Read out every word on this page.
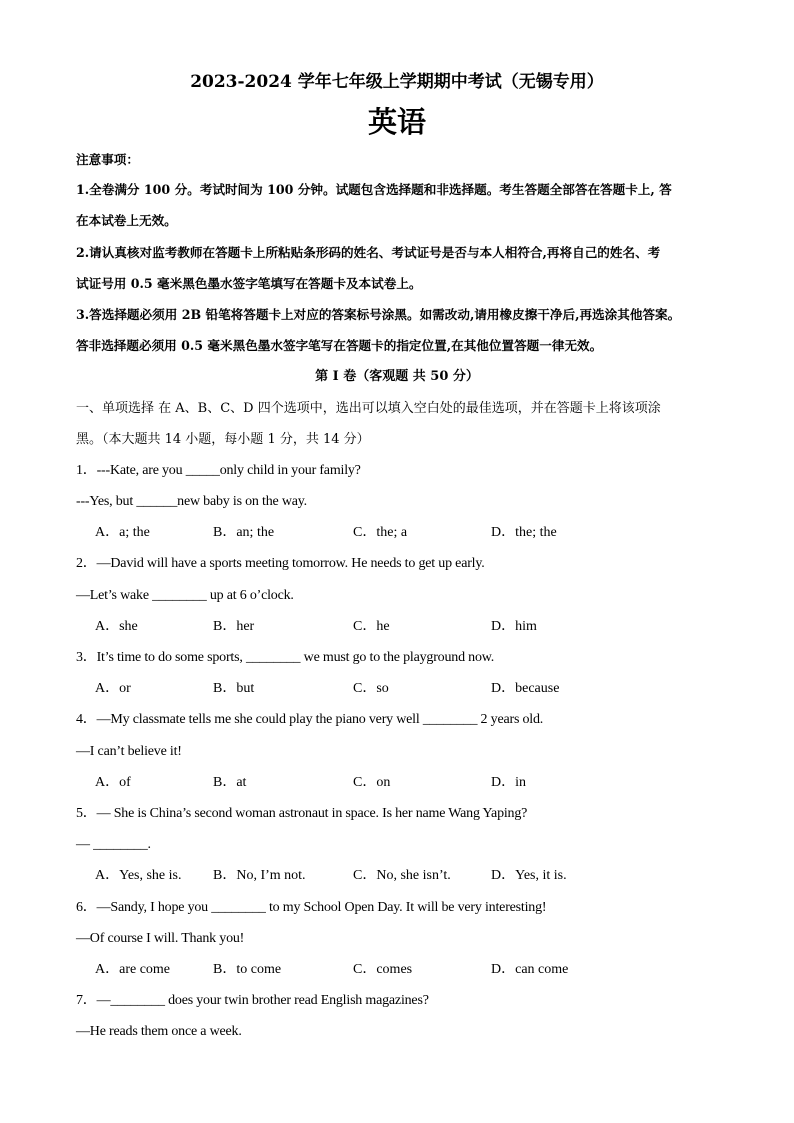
2023-2024 学年七年级上学期期中考试（无锡专用）
英语
注意事项：
1.全卷满分 100 分。考试时间为 100 分钟。试题包含选择题和非选择题。考生答题全部答在答题卡上, 答
在本试卷上无效。
2.请认真核对监考教师在答题卡上所粘贴条形码的姓名、考试证号是否与本人相符合,再将自己的姓名、考
试证号用 0.5 毫米黑色墨水签字笔填写在答题卡及本试卷上。
3.答选择题必须用 2B 铅笔将答题卡上对应的答案标号涂黑。如需改动,请用橡皮擦干净后,再选涂其他答案。
答非选择题必须用 0.5 毫米黑色墨水签字笔写在答题卡的指定位置,在其他位置答题一律无效。
第 I 卷（客观题 共 50 分）
一、单项选择 在 A、B、C、D 四个选项中，选出可以填入空白处的最佳选项，并在答题卡上将该项涂
黑。（本大题共 14 小题，每小题 1 分，共 14 分）
1．---Kate, are you _____only child in your family?
---Yes, but ______new baby is on the way.
A．a; the	B．an; the	C．the; a	D．the; the
2．—David will have a sports meeting tomorrow. He needs to get up early.
—Let’s wake ________ up at 6 o’clock.
A．she	B．her	C．he	D．him
3．It’s time to do some sports, ________ we must go to the playground now.
A．or	B．but	C．so	D．because
4．—My classmate tells me she could play the piano very well ________ 2 years old.
—I can’t believe it!
A．of	B．at	C．on	D．in
5．— She is China’s second woman astronaut in space. Is her name Wang Yaping?
— ________.
A．Yes, she is. B．No, I’m not.	C．No, she isn’t.	D．Yes, it is.
6．—Sandy, I hope you ________ to my School Open Day. It will be very interesting!
—Of course I will. Thank you!
A．are come	B．to come	C．comes	D．can come
7．—________ does your twin brother read English magazines?
—He reads them once a week.
